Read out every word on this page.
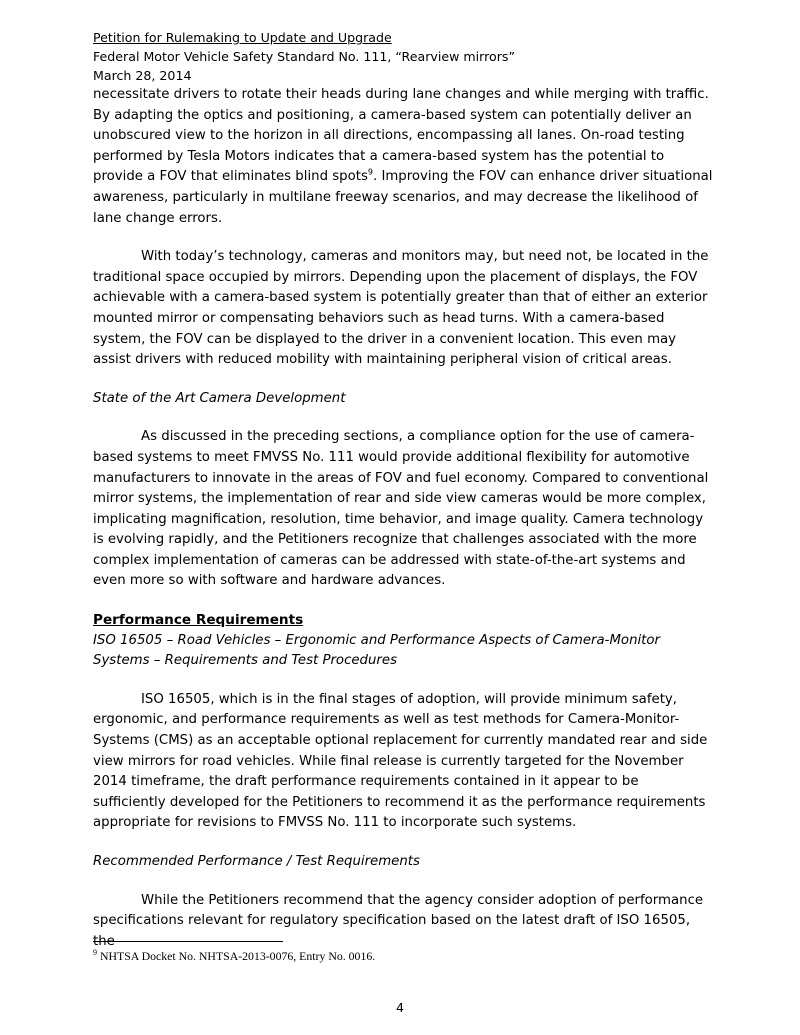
Petition for Rulemaking to Update and Upgrade
Federal Motor Vehicle Safety Standard No. 111, “Rearview mirrors”
March 28, 2014

necessitate drivers to rotate their heads during lane changes and while merging with traffic. By adapting the optics and positioning, a camera-based system can potentially deliver an unobscured view to the horizon in all directions, encompassing all lanes. On-road testing performed by Tesla Motors indicates that a camera-based system has the potential to provide a FOV that eliminates blind spots$^9$. Improving the FOV can enhance driver situational awareness, particularly in multilane freeway scenarios, and may decrease the likelihood of lane change errors.

With today’s technology, cameras and monitors may, but need not, be located in the traditional space occupied by mirrors. Depending upon the placement of displays, the FOV achievable with a camera-based system is potentially greater than that of either an exterior mounted mirror or compensating behaviors such as head turns. With a camera-based system, the FOV can be displayed to the driver in a convenient location. This even may assist drivers with reduced mobility with maintaining peripheral vision of critical areas.

State of the Art Camera Development

As discussed in the preceding sections, a compliance option for the use of camera-based systems to meet FMVSS No. 111 would provide additional flexibility for automotive manufacturers to innovate in the areas of FOV and fuel economy. Compared to conventional mirror systems, the implementation of rear and side view cameras would be more complex, implicating magnification, resolution, time behavior, and image quality. Camera technology is evolving rapidly, and the Petitioners recognize that challenges associated with the more complex implementation of cameras can be addressed with state-of-the-art systems and even more so with software and hardware advances.

Performance Requirements

ISO 16505 – Road Vehicles – Ergonomic and Performance Aspects of Camera-Monitor Systems – Requirements and Test Procedures

ISO 16505, which is in the final stages of adoption, will provide minimum safety, ergonomic, and performance requirements as well as test methods for Camera-Monitor-Systems (CMS) as an acceptable optional replacement for currently mandated rear and side view mirrors for road vehicles. While final release is currently targeted for the November 2014 timeframe, the draft performance requirements contained in it appear to be sufficiently developed for the Petitioners to recommend it as the performance requirements appropriate for revisions to FMVSS No. 111 to incorporate such systems.

Recommended Performance / Test Requirements

While the Petitioners recommend that the agency consider adoption of performance specifications relevant for regulatory specification based on the latest draft of ISO 16505, the

$^9$ NHTSA Docket No. NHTSA-2013-0076, Entry No. 0016.
4
